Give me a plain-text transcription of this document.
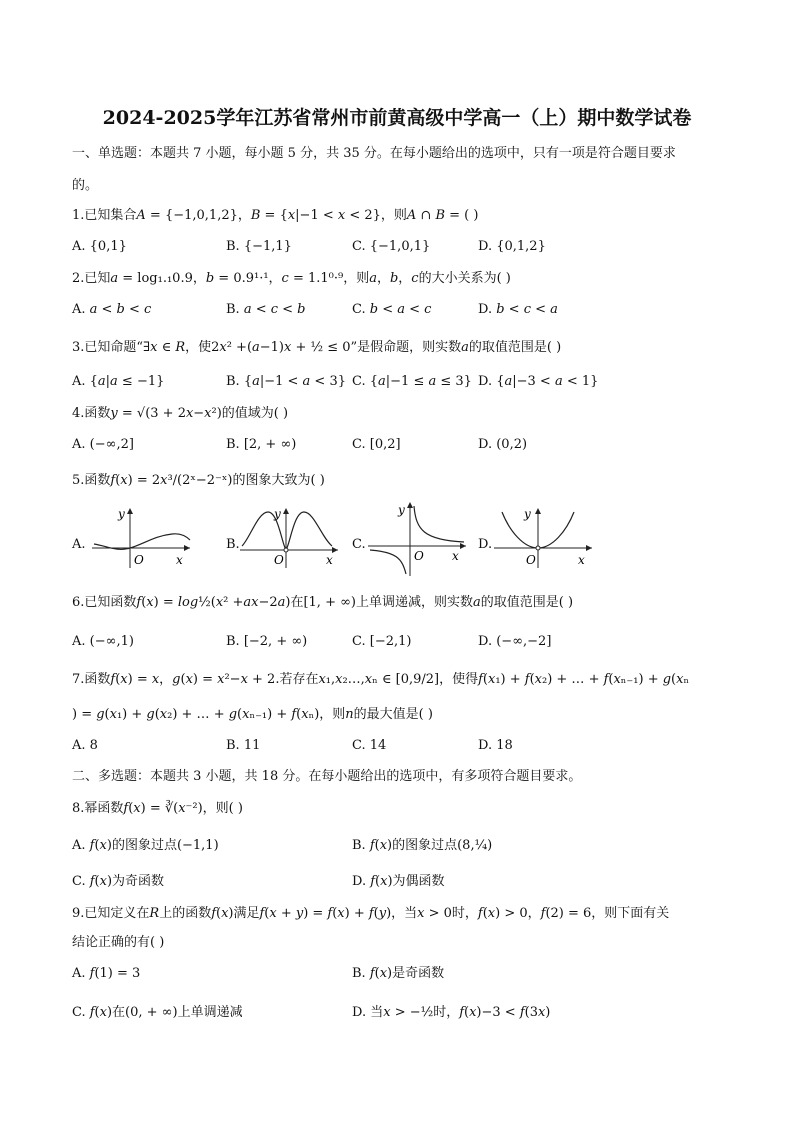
2024-2025学年江苏省常州市前黄高级中学高一（上）期中数学试卷
一、单选题：本题共 7 小题，每小题 5 分，共 35 分。在每小题给出的选项中，只有一项是符合题目要求
的。
1.已知集合𝐴 = {−1,0,1,2}，𝐵 = {𝑥|−1 < 𝑥 < 2}，则𝐴 ∩ 𝐵 = ( )
A. {0,1}	B. {−1,1}	C. {−1,0,1}	D. {0,1,2}
2.已知𝑎 = log₁.₁0.9，𝑏 = 0.9¹·¹，𝑐 = 1.1⁰·⁹，则𝑎，𝑏，𝑐的大小关系为( )
A. 𝑎 < 𝑏 < 𝑐	B. 𝑎 < 𝑐 < 𝑏	C. 𝑏 < 𝑎 < 𝑐	D. 𝑏 < 𝑐 < 𝑎
3.已知命题“∃𝑥 ∈ 𝑅，使2𝑥² +(𝑎−1)𝑥 + ½ ≤ 0”是假命题，则实数𝑎的取值范围是( )
A. {𝑎|𝑎 ≤ −1}	B. {𝑎|−1 < 𝑎 < 3} C. {𝑎|−1 ≤ 𝑎 ≤ 3} D. {𝑎|−3 < 𝑎 < 1}
4.函数𝑦 = √(3 + 2𝑥−𝑥²)的值域为( )
A. (−∞,2]	B. [2, + ∞)	C. [0,2]	D. (0,2)
5.函数𝑓(𝑥) = 2𝑥³/(2ˣ−2⁻ˣ)的图象大致为( )
A.
y
O	x
B.
y
O	x
C.
y
O x
D.
y
O	x
6.已知函数𝑓(𝑥) = 𝑙𝑜𝑔½(𝑥² +𝑎𝑥−2𝑎)在[1, + ∞)上单调递减，则实数𝑎的取值范围是( )
A. (−∞,1)	B. [−2, + ∞)	C. [−2,1)	D. (−∞,−2]
7.函数𝑓(𝑥) = 𝑥，𝑔(𝑥) = 𝑥²−𝑥 + 2.若存在𝑥₁,𝑥₂…,𝑥ₙ ∈ [0,9/2]，使得𝑓(𝑥₁) + 𝑓(𝑥₂) + … + 𝑓(𝑥ₙ₋₁) + 𝑔(𝑥ₙ
) = 𝑔(𝑥₁) + 𝑔(𝑥₂) + … + 𝑔(𝑥ₙ₋₁) + 𝑓(𝑥ₙ)，则𝑛的最大值是( )
A. 8	B. 11	C. 14	D. 18
二、多选题：本题共 3 小题，共 18 分。在每小题给出的选项中，有多项符合题目要求。
8.幂函数𝑓(𝑥) = ∛(𝑥⁻²)，则( )
A. 𝑓(𝑥)的图象过点(−1,1)	B. 𝑓(𝑥)的图象过点(8,¼)
C. 𝑓(𝑥)为奇函数	D. 𝑓(𝑥)为偶函数
9.已知定义在𝑅上的函数𝑓(𝑥)满足𝑓(𝑥 + 𝑦) = 𝑓(𝑥) + 𝑓(𝑦)，当𝑥 > 0时，𝑓(𝑥) > 0，𝑓(2) = 6，则下面有关
结论正确的有( )
A. 𝑓(1) = 3	B. 𝑓(𝑥)是奇函数
C. 𝑓(𝑥)在(0, + ∞)上单调递减	D. 当𝑥 > −½时，𝑓(𝑥)−3 < 𝑓(3𝑥)
